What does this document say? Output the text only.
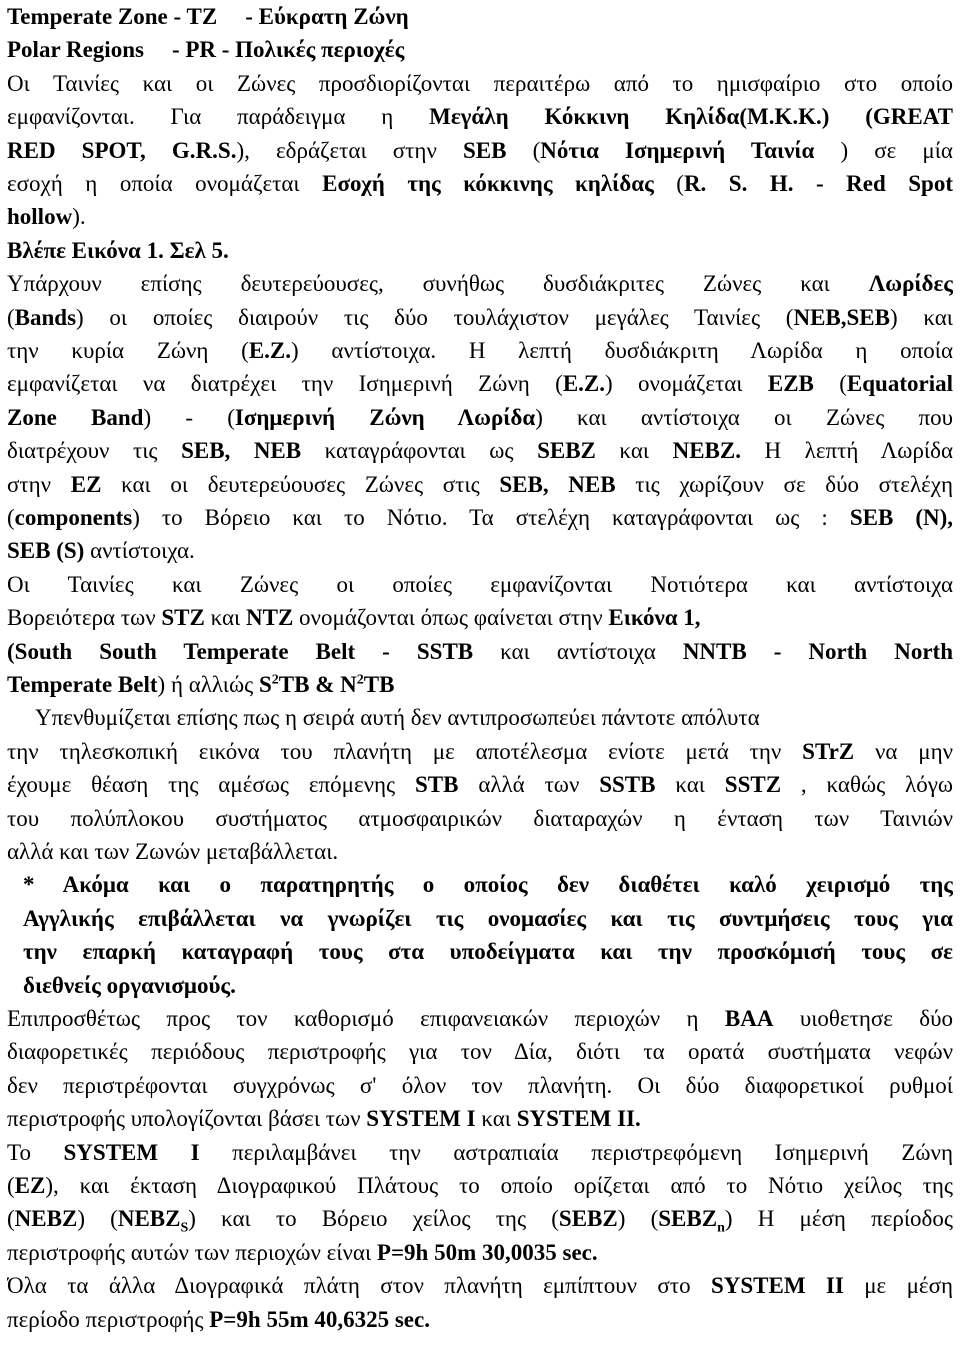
Temperate Zone - TZ - Εύκρατη Ζώνη
Polar Regions - PR - Πολικές περιοχές
Οι Ταινίες και οι Ζώνες προσδιορίζονται περαιτέρω από το ημισφαίριο στο οποίο
εμφανίζονται. Για παράδειγμα η Μεγάλη Κόκκινη Κηλίδα(Μ.Κ.Κ.) (GREAT
RED SPOT, G.R.S.), εδράζεται στην SEB (Νότια Ισημερινή Ταινία ) σε μία
εσοχή η οποία ονομάζεται Εσοχή της κόκκινης κηλίδας (R. S. H. - Red Spot
hollow).
Βλέπε Εικόνα 1. Σελ 5.
Υπάρχουν επίσης δευτερεύουσες, συνήθως δυσδιάκριτες Ζώνες και Λωρίδες
(Bands) οι οποίες διαιρούν τις δύο τουλάχιστον μεγάλες Ταινίες (NEB,SEB) και
την κυρία Ζώνη (E.Z.) αντίστοιχα. Η λεπτή δυσδιάκριτη Λωρίδα η οποία
εμφανίζεται να διατρέχει την Ισημερινή Ζώνη (E.Z.) ονομάζεται EZB (Equatorial
Zone Band) - (Ισημερινή Ζώνη Λωρίδα) και αντίστοιχα οι Ζώνες που
διατρέχουν τις SEB, NEB καταγράφονται ως SEBZ και NEBZ. Η λεπτή Λωρίδα
στην EZ και οι δευτερεύουσες Ζώνες στις SEB, NEB τις χωρίζουν σε δύο στελέχη
(components) το Βόρειο και το Νότιο. Τα στελέχη καταγράφονται ως : SEB (N),
SEB (S) αντίστοιχα.
Οι Ταινίες και Ζώνες οι οποίες εμφανίζονται Νοτιότερα και αντίστοιχα
Βορειότερα των STZ και NTZ ονομάζονται όπως φαίνεται στην Εικόνα 1,
(South South Temperate Belt - SSTB και αντίστοιχα NNTB - North North
Temperate Belt) ή αλλιώς $S^2TB$ & $N^2TB$
Υπενθυμίζεται επίσης πως η σειρά αυτή δεν αντιπροσωπεύει πάντοτε απόλυτα
την τηλεσκοπική εικόνα του πλανήτη με αποτέλεσμα ενίοτε μετά την STrZ να μην
έχουμε θέαση της αμέσως επόμενης STB αλλά των SSTB και SSTZ , καθώς λόγω
του πολύπλοκου συστήματος ατμοσφαιρικών διαταραχών η ένταση των Ταινιών
αλλά και των Ζωνών μεταβάλλεται.
* Ακόμα και ο παρατηρητής ο οποίος δεν διαθέτει καλό χειρισμό της
Αγγλικής επιβάλλεται να γνωρίζει τις ονομασίες και τις συντμήσεις τους για
την επαρκή καταγραφή τους στα υποδείγματα και την προσκόμισή τους σε
διεθνείς οργανισμούς.
Επιπροσθέτως προς τον καθορισμό επιφανειακών περιοχών η BAA υιοθετησε δύο
διαφορετικές περιόδους περιστροφής για τον Δία, διότι τα ορατά συστήματα νεφών
δεν περιστρέφονται συγχρόνως σ' όλον τον πλανήτη. Οι δύο διαφορετικοί ρυθμοί
περιστροφής υπολογίζονται βάσει των SYSTEM I και SYSTEM II.
Το SYSTEM I περιλαμβάνει την αστραπιαία περιστρεφόμενη Ισημερινή Ζώνη
(EZ), και έκταση Διογραφικού Πλάτους το οποίο ορίζεται από το Νότιο χείλος της
(NEBZ) $(NEBZ_S)$ και το Βόρειο χείλος της (SEBZ) $(SEBZ_n)$ Η μέση περίοδος
περιστροφής αυτών των περιοχών είναι P=9h 50m 30,0035 sec.
Όλα τα άλλα Διογραφικά πλάτη στον πλανήτη εμπίπτουν στο SYSTEM II με μέση
περίοδο περιστροφής P=9h 55m 40,6325 sec.
